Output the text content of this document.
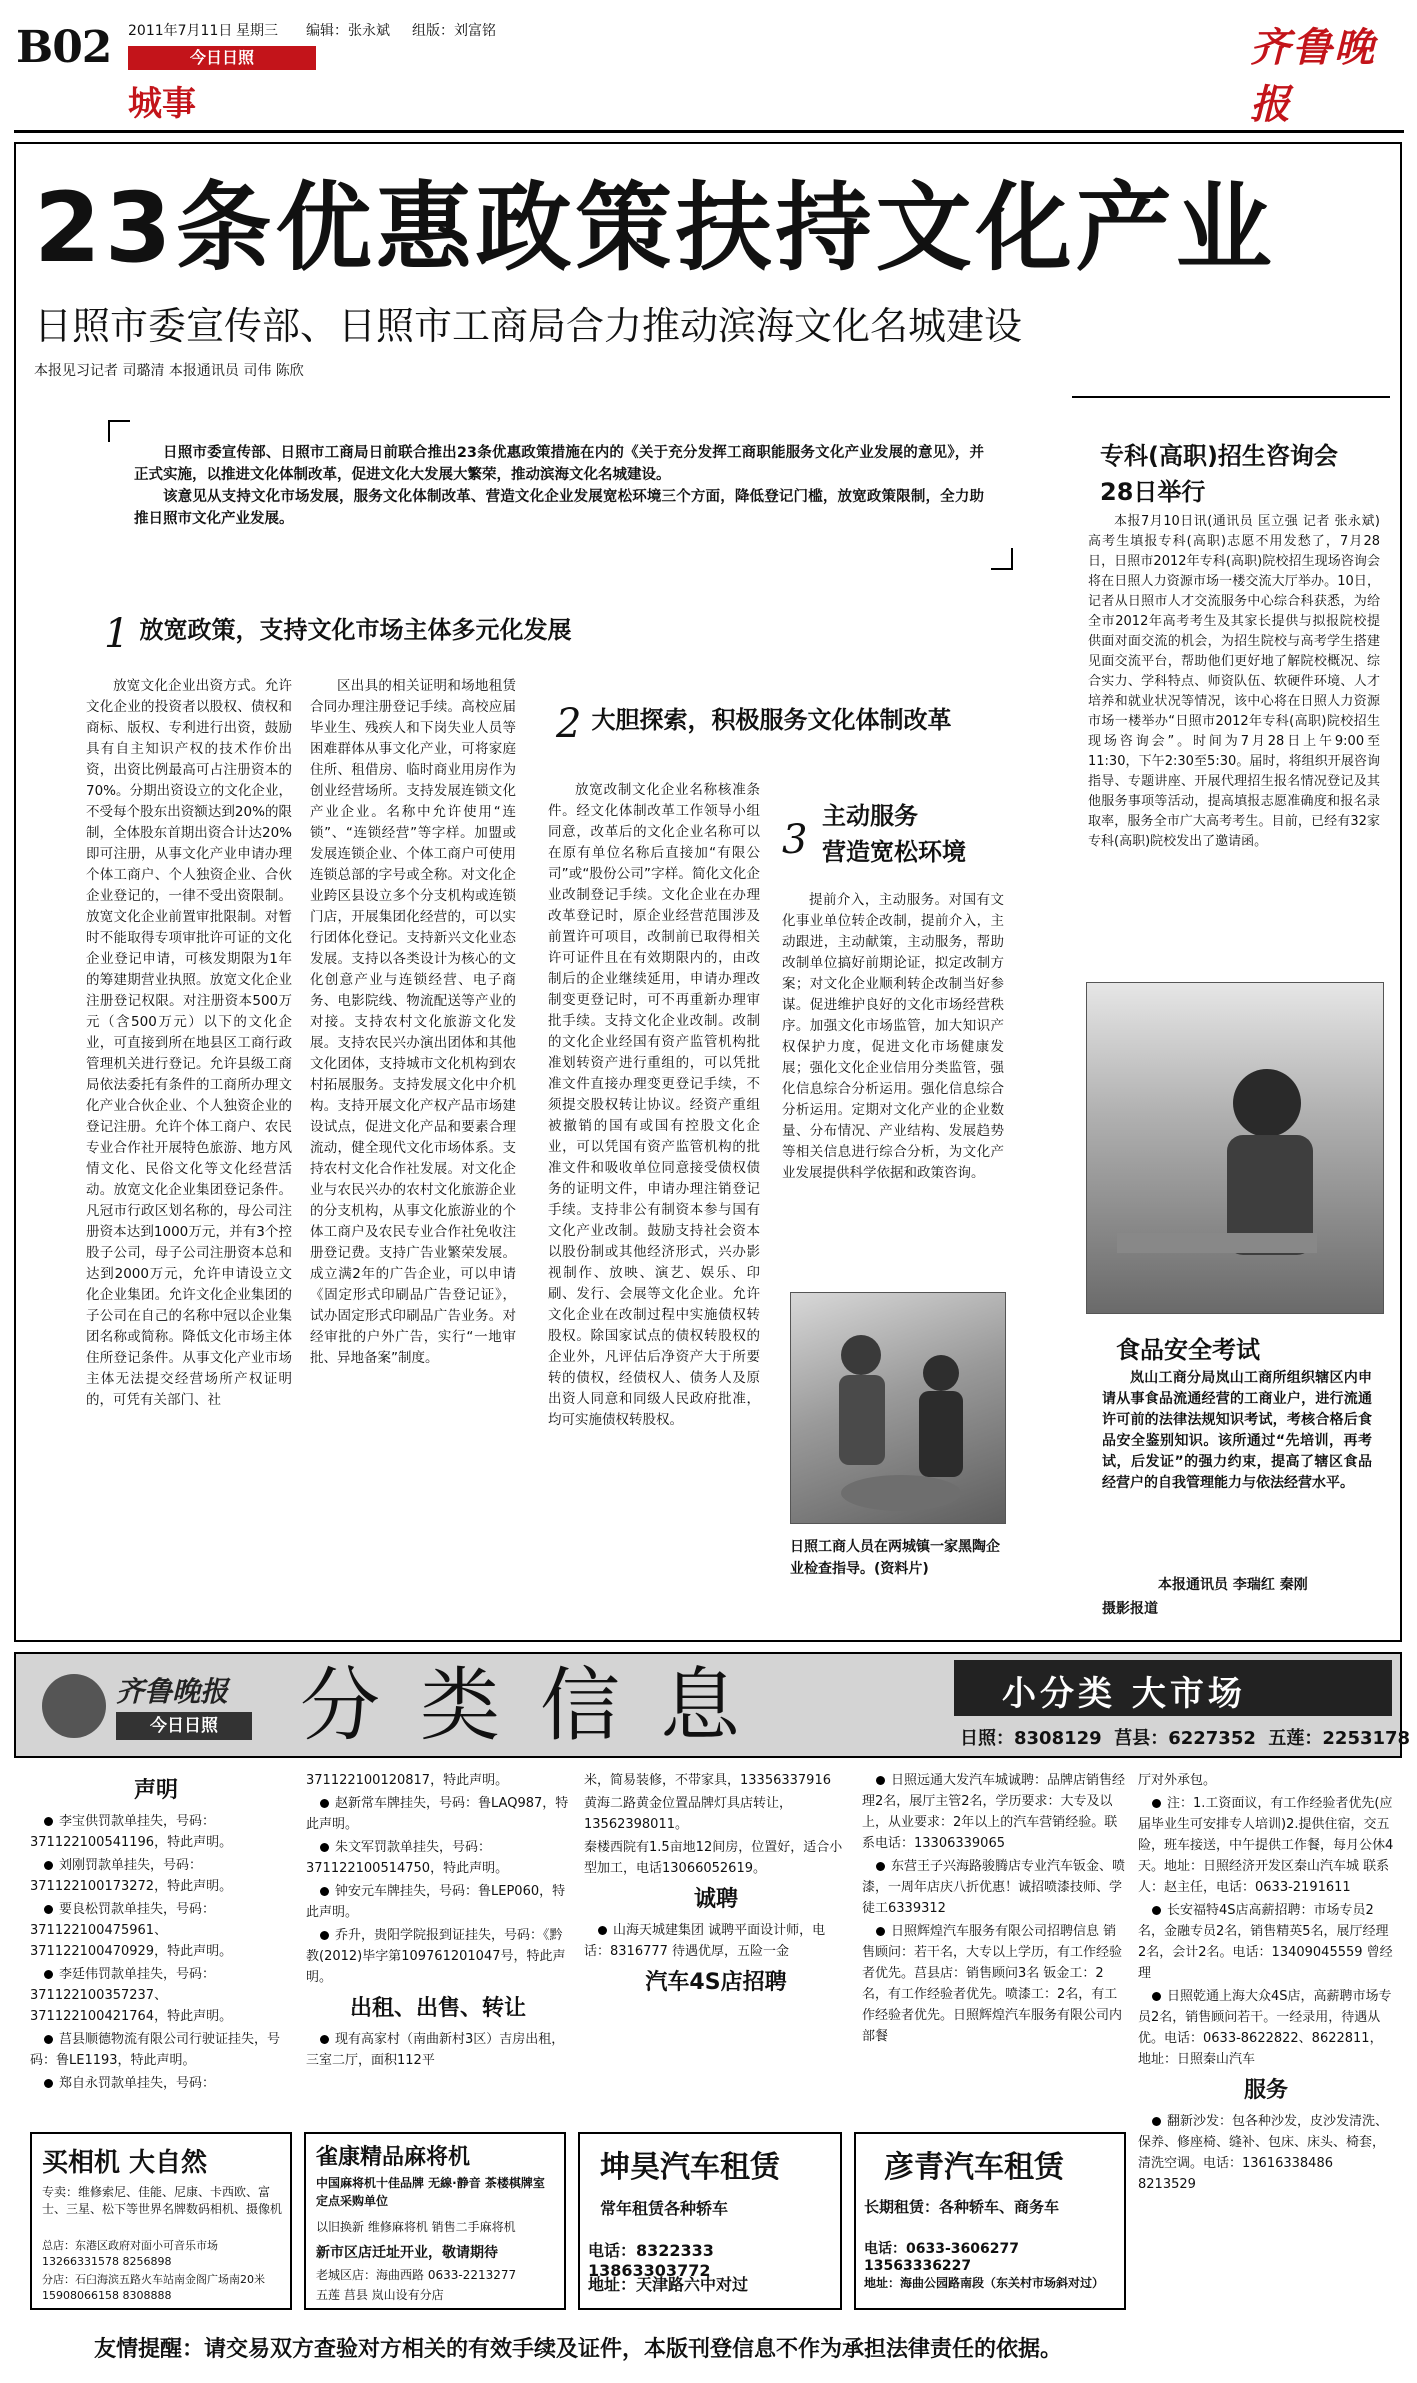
B02 2011年7月11日 星期三 编辑：张永斌 组版：刘富铭
今日日照
城事
齐鲁晚报
23条优惠政策扶持文化产业
日照市委宣传部、日照市工商局合力推动滨海文化名城建设
本报见习记者 司璐清 本报通讯员 司伟 陈欣

日照市委宣传部、日照市工商局日前联合推出23条优惠政策措施在内的《关于充分发挥工商职能服务文化产业发展的意见》，并正式实施，以推进文化体制改革，促进文化大发展大繁荣，推动滨海文化名城建设。

该意见从支持文化市场发展，服务文化体制改革、营造文化企业发展宽松环境三个方面，降低登记门槛，放宽政策限制，全力助推日照市文化产业发展。

1 放宽政策，支持文化市场主体多元化发展
2 大胆探索，积极服务文化体制改革
3
主动服务
营造宽松环境

放宽文化企业出资方式。允许文化企业的投资者以股权、债权和商标、版权、专利进行出资，鼓励具有自主知识产权的技术作价出资，出资比例最高可占注册资本的70%。分期出资设立的文化企业，不受每个股东出资额达到20%的限制，全体股东首期出资合计达20%即可注册，从事文化产业申请办理个体工商户、个人独资企业、合伙企业登记的，一律不受出资限制。放宽文化企业前置审批限制。对暂时不能取得专项审批许可证的文化企业登记申请，可核发期限为1年的筹建期营业执照。放宽文化企业注册登记权限。对注册资本500万元（含500万元）以下的文化企业，可直接到所在地县区工商行政管理机关进行登记。允许县级工商局依法委托有条件的工商所办理文化产业合伙企业、个人独资企业的登记注册。允许个体工商户、农民专业合作社开展特色旅游、地方风情文化、民俗文化等文化经营活动。放宽文化企业集团登记条件。凡冠市行政区划名称的，母公司注册资本达到1000万元，并有3个控股子公司，母子公司注册资本总和达到2000万元，允许申请设立文化企业集团。允许文化企业集团的子公司在自己的名称中冠以企业集团名称或简称。降低文化市场主体住所登记条件。从事文化产业市场主体无法提交经营场所产权证明的，可凭有关部门、社

区出具的相关证明和场地租赁合同办理注册登记手续。高校应届毕业生、残疾人和下岗失业人员等困难群体从事文化产业，可将家庭住所、租借房、临时商业用房作为创业经营场所。支持发展连锁文化产业企业。名称中允许使用“连锁”、“连锁经营”等字样。加盟或发展连锁企业、个体工商户可使用连锁总部的字号或全称。对文化企业跨区县设立多个分支机构或连锁门店，开展集团化经营的，可以实行团体化登记。支持新兴文化业态发展。支持以各类设计为核心的文化创意产业与连锁经营、电子商务、电影院线、物流配送等产业的对接。支持农村文化旅游文化发展。支持农民兴办演出团体和其他文化团体，支持城市文化机构到农村拓展服务。支持发展文化中介机构。支持开展文化产权产品市场建设试点，促进文化产品和要素合理流动，健全现代文化市场体系。支持农村文化合作社发展。对文化企业与农民兴办的农村文化旅游企业的分支机构，从事文化旅游业的个体工商户及农民专业合作社免收注册登记费。支持广告业繁荣发展。成立满2年的广告企业，可以申请《固定形式印刷品广告登记证》，试办固定形式印刷品广告业务。对经审批的户外广告，实行“一地审批、异地备案”制度。

放宽改制文化企业名称核准条件。经文化体制改革工作领导小组同意，改革后的文化企业名称可以在原有单位名称后直接加“有限公司”或“股份公司”字样。简化文化企业改制登记手续。文化企业在办理改革登记时，原企业经营范围涉及前置许可项目，改制前已取得相关许可证件且在有效期限内的，由改制后的企业继续延用，申请办理改制变更登记时，可不再重新办理审批手续。支持文化企业改制。改制的文化企业经国有资产监管机构批准划转资产进行重组的，可以凭批准文件直接办理变更登记手续，不须提交股权转让协议。经资产重组被撤销的国有或国有控股文化企业，可以凭国有资产监管机构的批准文件和吸收单位同意接受债权债务的证明文件，申请办理注销登记手续。支持非公有制资本参与国有文化产业改制。鼓励支持社会资本以股份制或其他经济形式，兴办影视制作、放映、演艺、娱乐、印刷、发行、会展等文化企业。允许文化企业在改制过程中实施债权转股权。除国家试点的债权转股权的企业外，凡评估后净资产大于所要转的债权，经债权人、债务人及原出资人同意和同级人民政府批准，均可实施债权转股权。

提前介入，主动服务。对国有文化事业单位转企改制，提前介入，主动跟进，主动献策，主动服务，帮助改制单位搞好前期论证，拟定改制方案；对文化企业顺利转企改制当好参谋。促进维护良好的文化市场经营秩序。加强文化市场监管，加大知识产权保护力度，促进文化市场健康发展；强化文化企业信用分类监管，强化信息综合分析运用。强化信息综合分析运用。定期对文化产业的企业数量、分布情况、产业结构、发展趋势等相关信息进行综合分析，为文化产业发展提供科学依据和政策咨询。

日照工商人员在两城镇一家黑陶企业检查指导。(资料片)
专科(高职)招生咨询会
28日举行

本报7月10日讯(通讯员 匡立强 记者 张永斌) 高考生填报专科(高职)志愿不用发愁了，7月28日，日照市2012年专科(高职)院校招生现场咨询会将在日照人力资源市场一楼交流大厅举办。10日，记者从日照市人才交流服务中心综合科获悉，为给全市2012年高考考生及其家长提供与拟报院校提供面对面交流的机会，为招生院校与高考学生搭建见面交流平台，帮助他们更好地了解院校概况、综合实力、学科特点、师资队伍、软硬件环境、人才培养和就业状况等情况，该中心将在日照人力资源市场一楼举办“日照市2012年专科(高职)院校招生现场咨询会”。时间为7月28日上午9:00至11:30，下午2:30至5:30。届时，将组织开展咨询指导、专题讲座、开展代理招生报名情况登记及其他服务事项等活动，提高填报志愿准确度和报名录取率，服务全市广大高考考生。目前，已经有32家专科(高职)院校发出了邀请函。

食品安全考试

岚山工商分局岚山工商所组织辖区内申请从事食品流通经营的工商业户，进行流通许可前的法律法规知识考试，考核合格后食品安全鉴别知识。该所通过“先培训，再考试，后发证”的强力约束，提高了辖区食品经营户的自我管理能力与依法经营水平。

本报通讯员 李瑞红 秦刚
摄影报道
齐鲁晚报
今日日照	分类信息	小分类 大市场
日照：8308129  莒县：6227352  五莲：2253178
声明
李宝供罚款单挂失，号码：371122100541196，特此声明。
刘刚罚款单挂失，号码：371122100173272，特此声明。
要良松罚款单挂失，号码：371122100475961、371122100470929，特此声明。
李廷伟罚款单挂失，号码：371122100357237、371122100421764，特此声明。
莒县顺德物流有限公司行驶证挂失，号码：鲁LE1193，特此声明。
郑自永罚款单挂失，号码：
371122100120817，特此声明。
赵新常车牌挂失，号码：鲁LAQ987，特此声明。
朱文军罚款单挂失，号码：371122100514750，特此声明。
钟安元车牌挂失，号码：鲁LEP060，特此声明。
乔升，贵阳学院报到证挂失，号码：《黔教(2012)毕字第109761201047号，特此声明。
出租、出售、转让
现有高家村（南曲新村3区）吉房出租，三室二厅，面积112平
米，简易装修，不带家具，13356337916
黄海二路黄金位置品牌灯具店转让，13562398011。
秦楼西院有1.5亩地12间房，位置好，适合小型加工，电话13066052619。
诚聘
山海天城建集团 诚聘平面设计师，电话：8316777 待遇优厚，五险一金
汽车4S店招聘
日照远通大发汽车城诚聘：品牌店销售经理2名，展厅主管2名，学历要求：大专及以上，从业要求：2年以上的汽车营销经验。联系电话：13306339065
东营王子兴海路骏腾店专业汽车钣金、喷漆，一周年店庆八折优惠！诚招喷漆技师、学徒工6339312
日照辉煌汽车服务有限公司招聘信息 销售顾问：若干名，大专以上学历，有工作经验者优先。莒县店：销售顾问3名 钣金工：2名，有工作经验者优先。喷漆工：2名，有工作经验者优先。日照辉煌汽车服务有限公司内部餐
厅对外承包。
注：1.工资面议，有工作经验者优先(应届毕业生可安排专人培训)2.提供住宿，交五险，班车接送，中午提供工作餐，每月公休4天。地址：日照经济开发区秦山汽车城 联系人：赵主任，电话：0633-2191611
长安福特4S店高薪招聘：市场专员2名，金融专员2名，销售精英5名，展厅经理2名，会计2名。电话：13409045559 曾经理
日照乾通上海大众4S店，高薪聘市场专员2名，销售顾问若干。一经录用，待遇从优。电话：0633-8622822、8622811，地址：日照秦山汽车
服务
翻新沙发：包各种沙发，皮沙发清洗、保养、修座椅、缝补、包床、床头、椅套，清洗空调。电话：13616338486 8213529
买相机 大自然
专卖：维修索尼、佳能、尼康、卡西欧、富士、三星、松下等世界名牌数码相机、摄像机
总店：东港区政府对面小可音乐市场 13266331578 8256898
分店：石臼海滨五路火车站南金阁广场南20米 15908066158 8308888
雀康精品麻将机
中国麻将机十佳品牌 无線·静音 茶楼棋牌室定点采购单位
以旧换新 维修麻将机 销售二手麻将机
新市区店迁址开业，敬请期待
老城区店：海曲西路 0633-2213277
五莲 莒县 岚山设有分店
坤昊汽车租赁
常年租赁各种轿车
电话：8322333 13863303772
地址：天津路六中对过
彦青汽车租赁
长期租赁：各种轿车、商务车
电话：0633-3606277 13563336227
地址：海曲公园路南段（东关村市场斜对过）
友情提醒：请交易双方查验对方相关的有效手续及证件，本版刊登信息不作为承担法律责任的依据。
